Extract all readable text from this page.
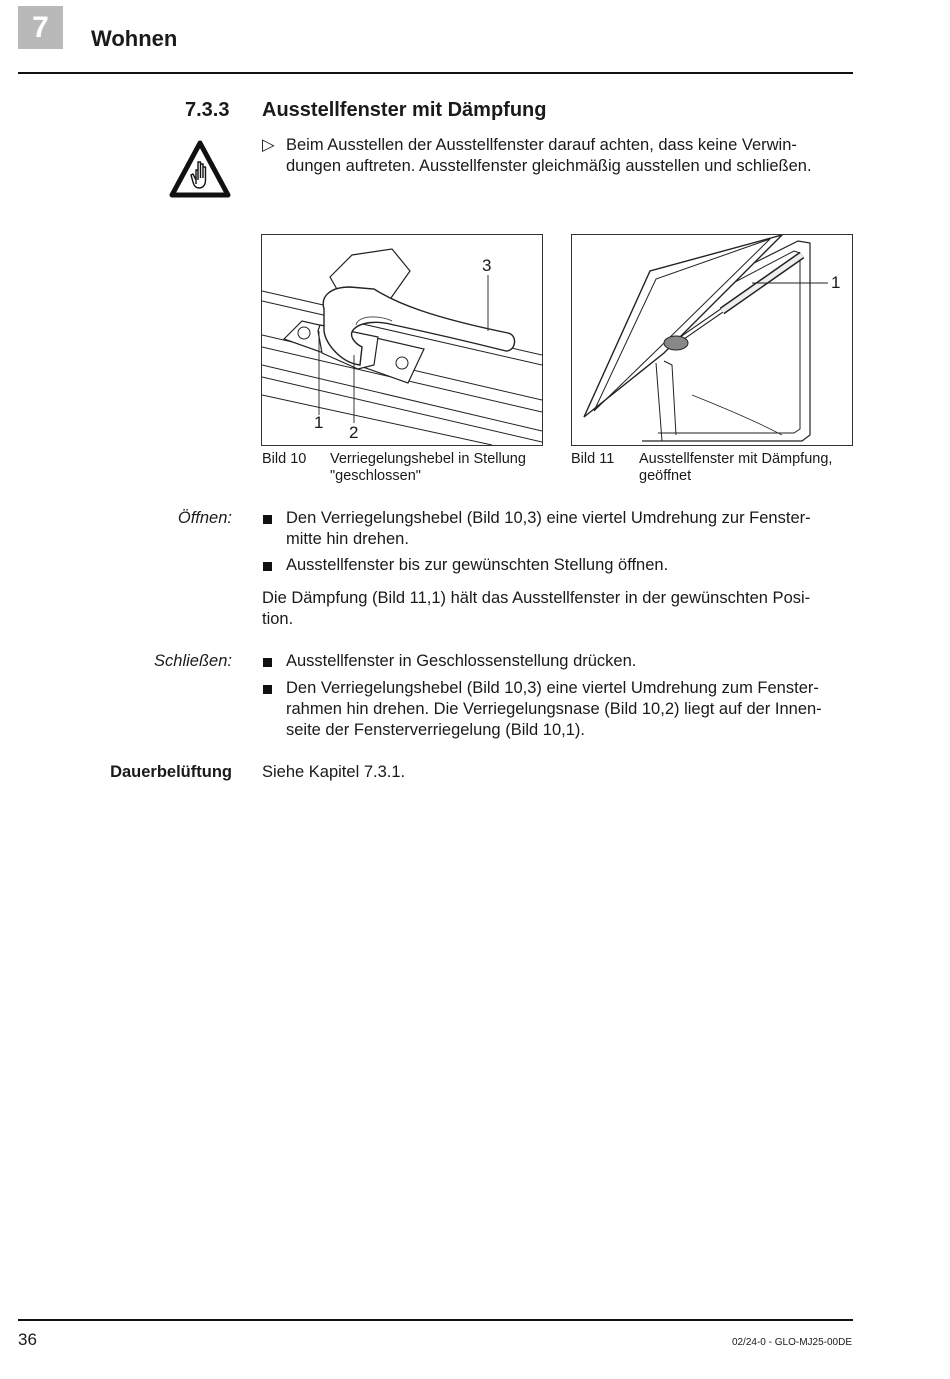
7	Wohnen
7.3.3 Ausstellfenster mit Dämpfung
▷ Beim Ausstellen der Ausstellfenster darauf achten, dass keine Verwin-
dungen auftreten. Ausstellfenster gleichmäßig ausstellen und schließen.
1
2
3
1
Bild 10 Verriegelungshebel in Stellung
"geschlossen"
Bild 11 Ausstellfenster mit Dämpfung,
geöffnet
Öffnen:	Den Verriegelungshebel (Bild 10,3) eine viertel Umdrehung zur Fenster-
mitte hin drehen.
Ausstellfenster bis zur gewünschten Stellung öffnen.
Die Dämpfung (Bild 11,1) hält das Ausstellfenster in der gewünschten Posi-
tion.
Schließen:	Ausstellfenster in Geschlossenstellung drücken.
Den Verriegelungshebel (Bild 10,3) eine viertel Umdrehung zum Fenster-
rahmen hin drehen. Die Verriegelungsnase (Bild 10,2) liegt auf der Innen-
seite der Fensterverriegelung (Bild 10,1).
Dauerbelüftung Siehe Kapitel 7.3.1.
36	02/24-0 - GLO-MJ25-00DE
